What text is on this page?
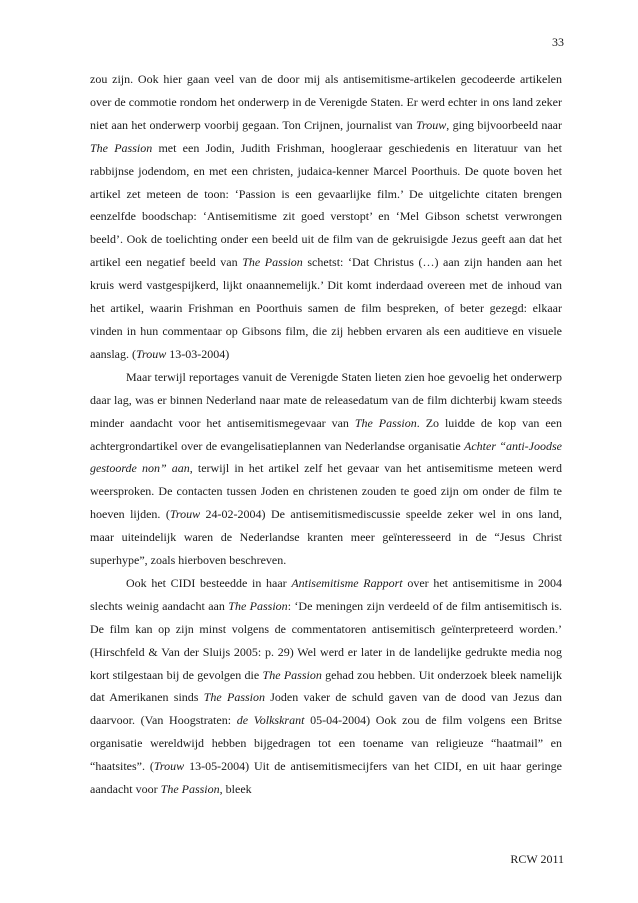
33

zou zijn. Ook hier gaan veel van de door mij als antisemitisme-artikelen gecodeerde artikelen over de commotie rondom het onderwerp in de Verenigde Staten. Er werd echter in ons land zeker niet aan het onderwerp voorbij gegaan. Ton Crijnen, journalist van Trouw, ging bijvoorbeeld naar The Passion met een Jodin, Judith Frishman, hoogleraar geschiedenis en literatuur van het rabbijnse jodendom, en met een christen, judaica-kenner Marcel Poorthuis. De quote boven het artikel zet meteen de toon: ‘Passion is een gevaarlijke film.’ De uitgelichte citaten brengen eenzelfde boodschap: ‘Antisemitisme zit goed verstopt’ en ‘Mel Gibson schetst verwrongen beeld’. Ook de toelichting onder een beeld uit de film van de gekruisigde Jezus geeft aan dat het artikel een negatief beeld van The Passion schetst: ‘Dat Christus (…) aan zijn handen aan het kruis werd vastgespijkerd, lijkt onaannemelijk.’ Dit komt inderdaad overeen met de inhoud van het artikel, waarin Frishman en Poorthuis samen de film bespreken, of beter gezegd: elkaar vinden in hun commentaar op Gibsons film, die zij hebben ervaren als een auditieve en visuele aanslag. (Trouw 13-03-2004)

Maar terwijl reportages vanuit de Verenigde Staten lieten zien hoe gevoelig het onderwerp daar lag, was er binnen Nederland naar mate de releasedatum van de film dichterbij kwam steeds minder aandacht voor het antisemitismegevaar van The Passion. Zo luidde de kop van een achtergrondartikel over de evangelisatieplannen van Nederlandse organisatie Achter “anti-Joodse gestoorde non” aan, terwijl in het artikel zelf het gevaar van het antisemitisme meteen werd weersproken. De contacten tussen Joden en christenen zouden te goed zijn om onder de film te hoeven lijden. (Trouw 24-02-2004) De antisemitismediscussie speelde zeker wel in ons land, maar uiteindelijk waren de Nederlandse kranten meer geïnteresseerd in de “Jesus Christ superhype”, zoals hierboven beschreven.

Ook het CIDI besteedde in haar Antisemitisme Rapport over het antisemitisme in 2004 slechts weinig aandacht aan The Passion: ‘De meningen zijn verdeeld of de film antisemitisch is. De film kan op zijn minst volgens de commentatoren antisemitisch geïnterpreteerd worden.’ (Hirschfeld & Van der Sluijs 2005: p. 29) Wel werd er later in de landelijke gedrukte media nog kort stilgestaan bij de gevolgen die The Passion gehad zou hebben. Uit onderzoek bleek namelijk dat Amerikanen sinds The Passion Joden vaker de schuld gaven van de dood van Jezus dan daarvoor. (Van Hoogstraten: de Volkskrant 05-04-2004) Ook zou de film volgens een Britse organisatie wereldwijd hebben bijgedragen tot een toename van religieuze “haatmail” en “haatsites”. (Trouw 13-05-2004) Uit de antisemitismecijfers van het CIDI, en uit haar geringe aandacht voor The Passion, bleek

RCW 2011
